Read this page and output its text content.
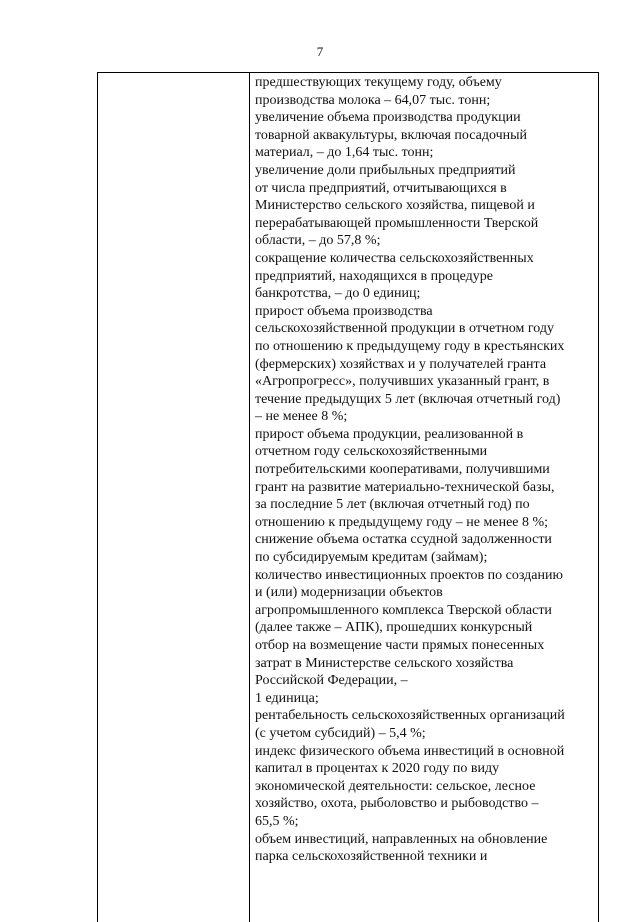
7
предшествующих текущему году, объему
производства молока – 64,07 тыс. тонн;
увеличение объема производства продукции
товарной аквакультуры, включая посадочный
материал, – до 1,64 тыс. тонн;
увеличение доли прибыльных предприятий
от числа предприятий, отчитывающихся в
Министерство сельского хозяйства, пищевой и
перерабатывающей промышленности Тверской
области, – до 57,8 %;
сокращение количества сельскохозяйственных
предприятий, находящихся в процедуре
банкротства, – до 0 единиц;
прирост объема производства
сельскохозяйственной продукции в отчетном году
по отношению к предыдущему году в крестьянских
(фермерских) хозяйствах и у получателей гранта
«Агропрогресс», получивших указанный грант, в
течение предыдущих 5 лет (включая отчетный год)
– не менее 8 %;
прирост объема продукции, реализованной в
отчетном году сельскохозяйственными
потребительскими кооперативами, получившими
грант на развитие материально-технической базы,
за последние 5 лет (включая отчетный год) по
отношению к предыдущему году – не менее 8 %;
снижение объема остатка ссудной задолженности
по субсидируемым кредитам (займам);
количество инвестиционных проектов по созданию
и (или) модернизации объектов
агропромышленного комплекса Тверской области
(далее также – АПК), прошедших конкурсный
отбор на возмещение части прямых понесенных
затрат в Министерстве сельского хозяйства
Российской Федерации, –
1 единица;
рентабельность сельскохозяйственных организаций
(с учетом субсидий) – 5,4 %;
индекс физического объема инвестиций в основной
капитал в процентах к 2020 году по виду
экономической деятельности: сельское, лесное
хозяйство, охота, рыболовство и рыбоводство –
65,5 %;
объем инвестиций, направленных на обновление
парка сельскохозяйственной техники и
